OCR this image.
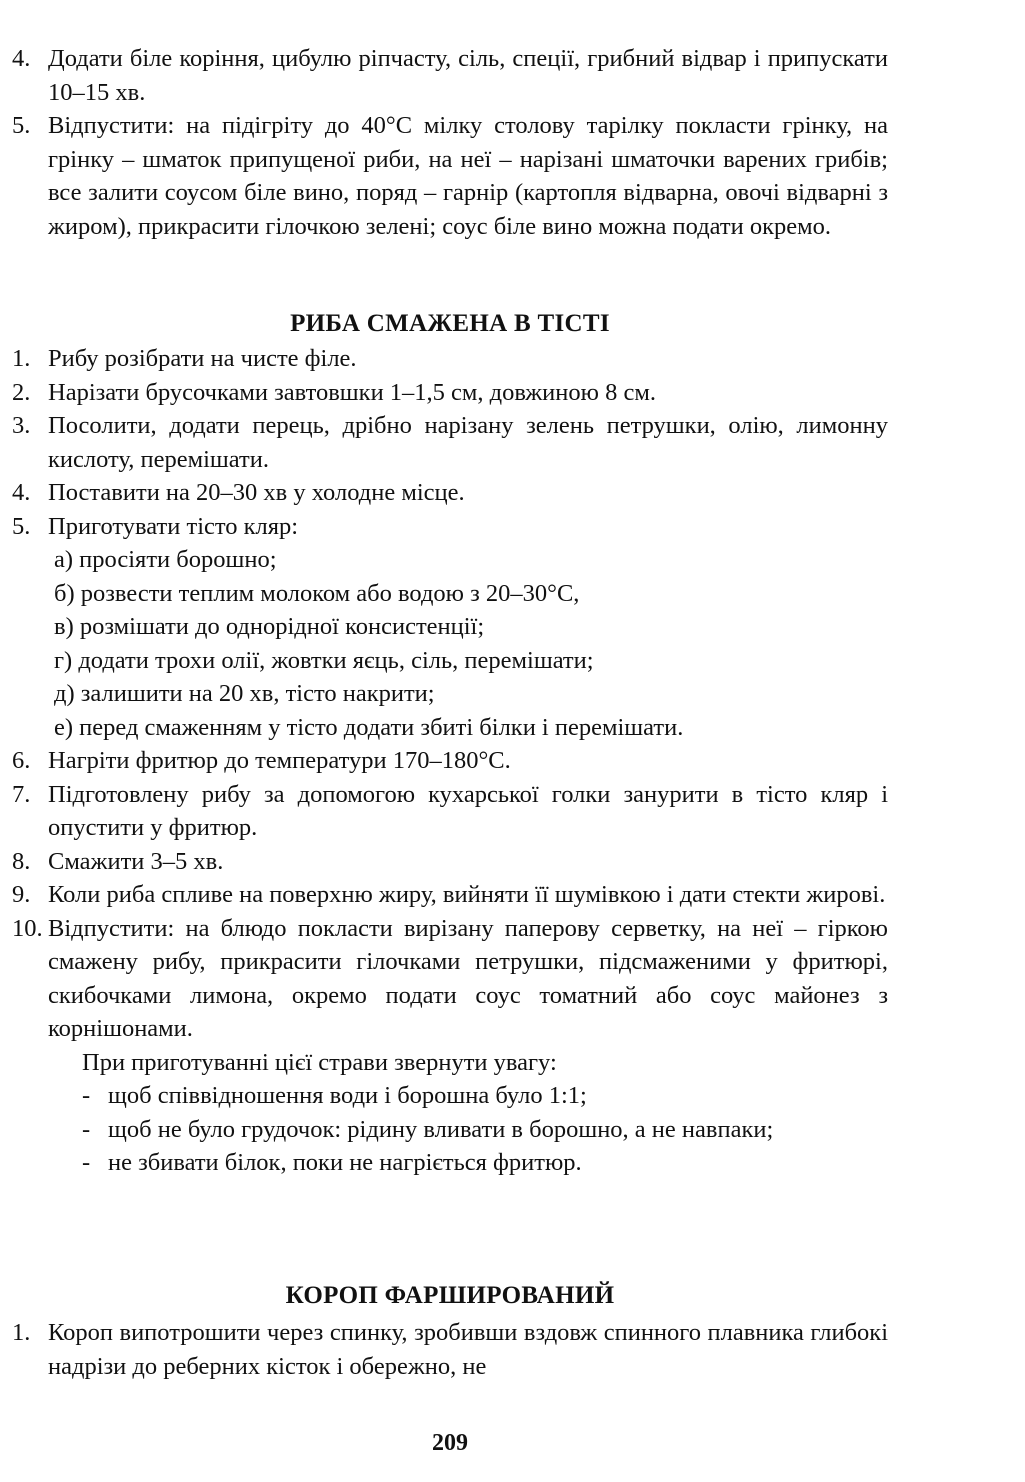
4. Додати біле коріння, цибулю ріпчасту, сіль, спеції, грибний відвар і припускати 10–15 хв.
5. Відпустити: на підігріту до 40°С мілку столову тарілку покласти грінку, на грінку – шматок припущеної риби, на неї – нарізані шматочки варених грибів; все залити соусом біле вино, поряд – гарнір (картопля відварна, овочі відварні з жиром), прикрасити гілочкою зелені; соус біле вино можна подати окремо.
РИБА СМАЖЕНА В ТІСТІ
1. Рибу розібрати на чисте філе.
2. Нарізати брусочками завтовшки 1–1,5 см, довжиною 8 см.
3. Посолити, додати перець, дрібно нарізану зелень петрушки, олію, лимонну кислоту, перемішати.
4. Поставити на 20–30 хв у холодне місце.
5. Приготувати тісто кляр:
а) просіяти борошно;
б) розвести теплим молоком або водою з 20–30°С,
в) розмішати до однорідної консистенції;
г) додати трохи олії, жовтки яєць, сіль, перемішати;
д) залишити на 20 хв, тісто накрити;
е) перед смаженням у тісто додати збиті білки і перемішати.
6. Нагріти фритюр до температури 170–180°С.
7. Підготовлену рибу за допомогою кухарської голки занурити в тісто кляр і опустити у фритюр.
8. Смажити 3–5 хв.
9. Коли риба спливе на поверхню жиру, вийняти її шумівкою і дати стекти жирові.
10. Відпустити: на блюдо покласти вирізану паперову серветку, на неї – гіркою смажену рибу, прикрасити гілочками петрушки, підсмаженими у фритюрі, скибочками лимона, окремо подати соус томатний або соус майонез з корнішонами.
При приготуванні цієї страви звернути увагу:
- щоб співвідношення води і борошна було 1:1;
- щоб не було грудочок: рідину вливати в борошно, а не навпаки;
- не збивати білок, поки не нагріється фритюр.
КОРОП ФАРШИРОВАНИЙ
1. Короп випотрошити через спинку, зробивши вздовж спинного плавника глибокі надрізи до реберних кісток і обережно, не
209
